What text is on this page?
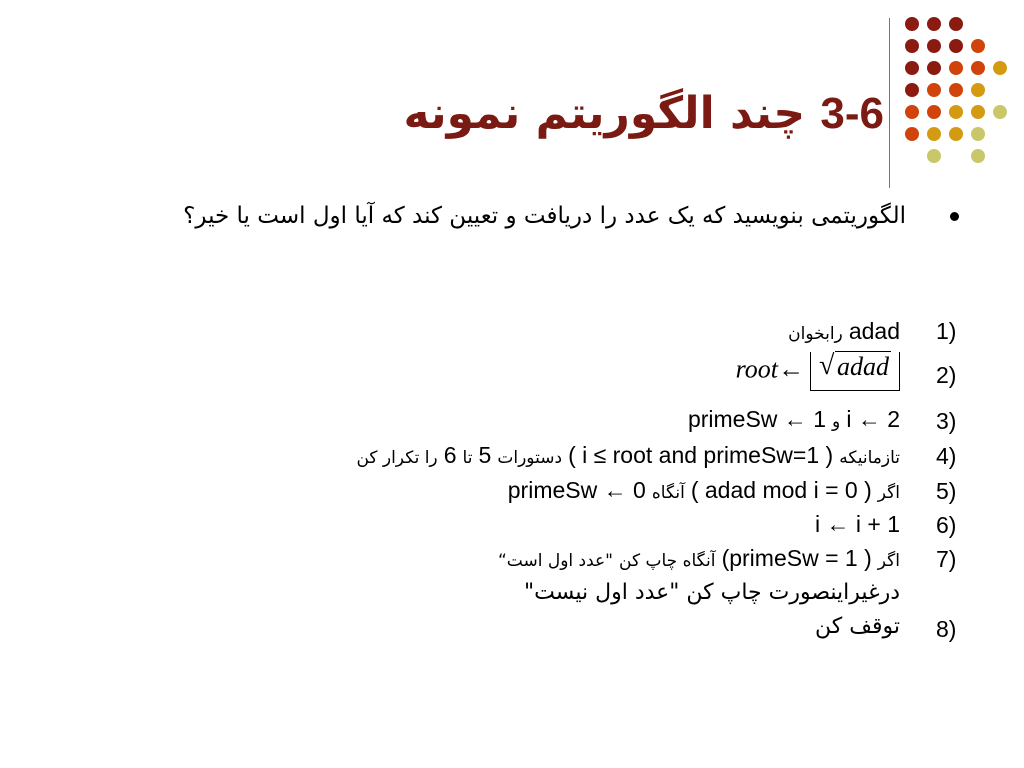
3-6 چند الگوریتم نمونه
الگوریتمی بنویسید که یک عدد را دریافت و تعیین کند که آیا اول است یا خیر؟
1)
adad رابخوان
2)
root← √ adad
3)
i ← 2 و primeSw ← 1
4)
تازمانیکه ( i ≤ root and primeSw=1 ) دستورات 5 تا 6 را تکرار کن
5)
اگر ( adad mod i = 0 ) آنگاه primeSw ← 0
6)
i ← i + 1
7)
اگر (primeSw = 1 ) آنگاه چاپ کن "عدد اول است“
درغیراینصورت چاپ کن "عدد اول نیست"
8)
توقف کن
